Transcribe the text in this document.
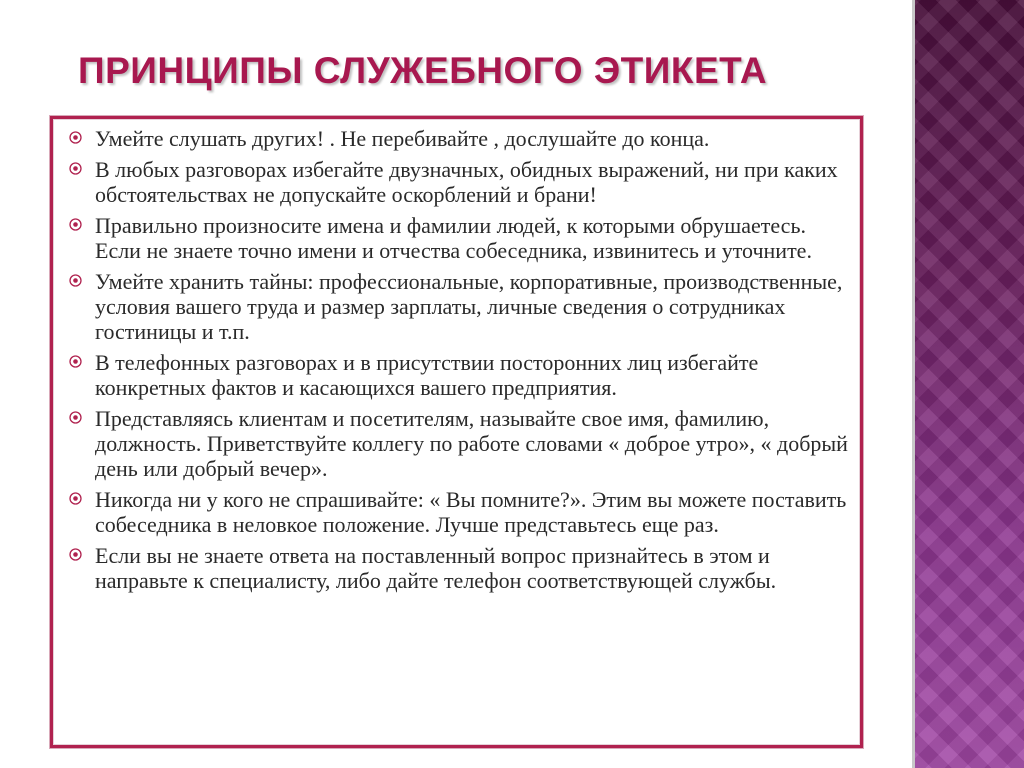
ПРИНЦИПЫ СЛУЖЕБНОГО ЭТИКЕТА
Умейте слушать других! . Не перебивайте , дослушайте до конца.
В любых разговорах избегайте двузначных, обидных выражений, ни при каких обстоятельствах не допускайте оскорблений и брани!
Правильно произносите имена и фамилии людей, к которыми обрушаетесь. Если не знаете точно имени и отчества собеседника, извинитесь и уточните.
Умейте хранить тайны: профессиональные, корпоративные, производственные, условия вашего труда и размер зарплаты, личные сведения о сотрудниках гостиницы и т.п.
В телефонных разговорах и в присутствии посторонних лиц избегайте конкретных фактов и касающихся вашего предприятия.
Представляясь клиентам и посетителям, называйте свое имя, фамилию, должность. Приветствуйте коллегу по работе словами « доброе утро», « добрый день или добрый вечер».
Никогда ни у кого не спрашивайте: « Вы помните?». Этим вы можете поставить собеседника в неловкое положение. Лучше представьтесь еще раз.
Если вы не знаете ответа на поставленный вопрос признайтесь в этом и направьте к специалисту, либо дайте телефон соответствующей службы.
